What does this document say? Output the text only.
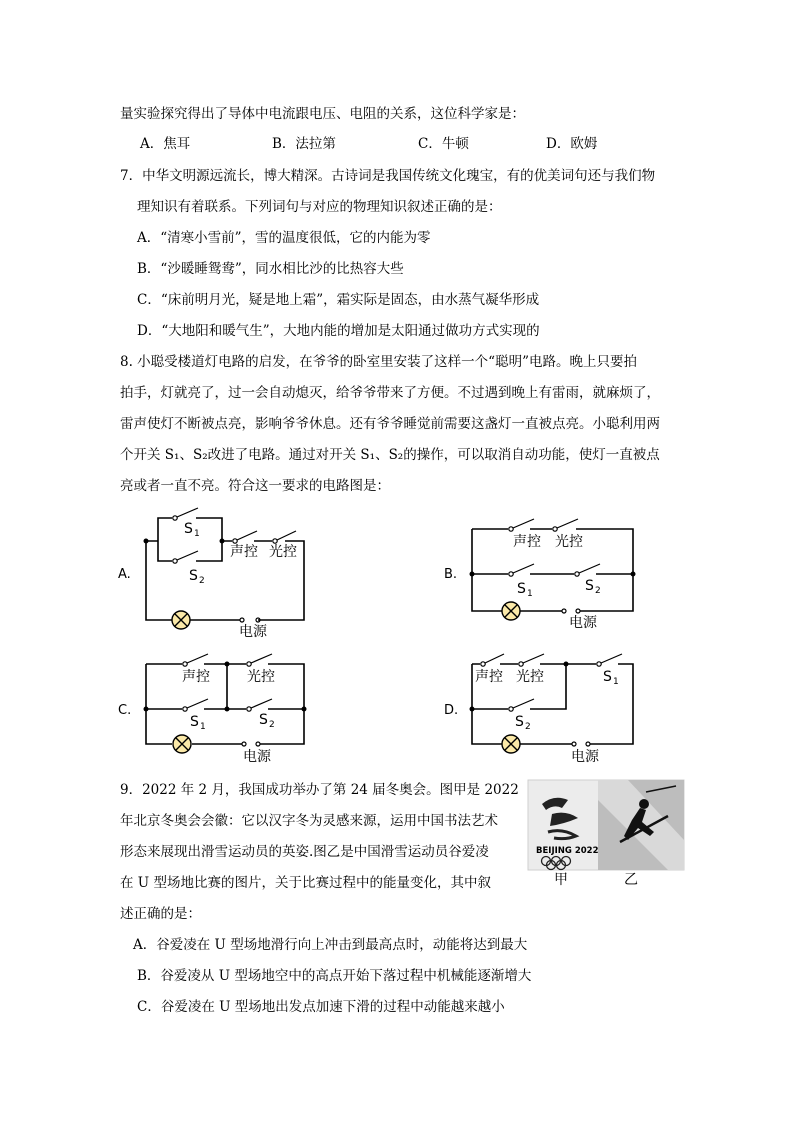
量实验探究得出了导体中电流跟电压、电阻的关系，这位科学家是：
A．焦耳	B．法拉第	C．牛顿	D．欧姆
7．中华文明源远流长，博大精深。古诗词是我国传统文化瑰宝，有的优美词句还与我们物
理知识有着联系。下列词句与对应的物理知识叙述正确的是：
A．“清寒小雪前”，雪的温度很低，它的内能为零
B．“沙暖睡鸳鸯”，同水相比沙的比热容大些
C．“床前明月光，疑是地上霜”，霜实际是固态，由水蒸气凝华形成
D．“大地阳和暖气生”，大地内能的增加是太阳通过做功方式实现的
8. 小聪受楼道灯电路的启发，在爷爷的卧室里安装了这样一个“聪明”电路。晚上只要拍
拍手，灯就亮了，过一会自动熄灭，给爷爷带来了方便。不过遇到晚上有雷雨，就麻烦了，
雷声使灯不断被点亮，影响爷爷休息。还有爷爷睡觉前需要这盏灯一直被点亮。小聪利用两
个开关 S₁、S₂改进了电路。通过对开关 S₁、S₂的操作，可以取消自动功能，使灯一直被点
亮或者一直不亮。符合这一要求的电路图是：
A.	B.
C.	D.
S 1
S 2
声控 光控
电源
声控 光控
S 1	S 2
电源
声控	光控
S 1	S 2
电源
声控 光控	S 1
S 2
电源
9．2022 年 2 月，我国成功举办了第 24 届冬奥会。图甲是 2022
年北京冬奥会会徽：它以汉字冬为灵感来源，运用中国书法艺术
形态来展现出滑雪运动员的英姿.图乙是中国滑雪运动员谷爱凌
在 U 型场地比赛的图片，关于比赛过程中的能量变化，其中叙
述正确的是：
BEIJING 2022
甲	乙
A．谷爱凌在 U 型场地滑行向上冲击到最高点时，动能将达到最大
B．谷爱凌从 U 型场地空中的高点开始下落过程中机械能逐渐增大
C．谷爱凌在 U 型场地出发点加速下滑的过程中动能越来越小
